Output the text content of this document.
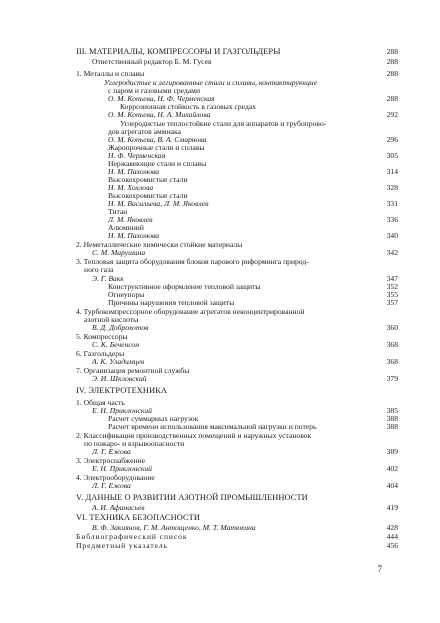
III. МАТЕРИАЛЫ, КОМПРЕССОРЫ И ГАЗГОЛЬДЕРЫ	288
Ответственный редактор Б. М. Гусев	288
1. Металлы и сплавы	288
Углеродистые и легированные стали и сплавы, контактирующие
с паром и газовыми средами
О. М. Копьева, Н. Ф. Черменская	288
Коррозионная стойкость в газовых средах
О. М. Копьева, Н. А. Михайлова	292
Углеродистые теплостойкие стали для аппаратов и трубопрово-
дов агрегатов аммиака
О. М. Копьева, В. А. Смирнова	296
Жаропрочные стали и сплавы
Н. Ф. Черменская	305
Нержавеющие стали и сплавы
Н. М. Пахомова	314
Высокохромистые стали
Н. М. Хохлова	328
Высокохромистые стали
Н. М. Васильева, Л. М. Яковлев	331
Титан
Л. М. Яковлев	336
Алюминий
Н. М. Пахомова	340
2. Неметаллические химически стойкие материалы
С. М. Марушина	342
3. Тепловая защита оборудования блоков парового риформинга природ-
ного газа
Э. Г. Вакк	347
Конструктивное оформление тепловой защиты	352
Огнеупоры	355
Причины нарушения тепловой защиты	357
4. Турбокомпрессорное оборудование агрегатов неконцентрированной
азотной кислоты
В. Д. Доброхотов	360
5. Компрессоры
С. К. Беченсон	368
6. Газгольдеры
А. К. Уладимцев	368
7. Организация ремонтной службы
Э. И. Шкловский	379
IV. ЭЛЕКТРОТЕХНИКА
1. Общая часть
Е. Н. Приклонский	385
Расчет суммарных нагрузок	388
Расчет времени использования максимальной нагрузки и потерь	388
2. Классификация производственных помещений и наружных установок
по пожаро- и взрывоопасности
Л. Г. Ежова	389
3. Электроснабжение
Е. Н. Приклонский	402
4. Электрооборудование
Л. Г. Ежова	404
V. ДАННЫЕ О РАЗВИТИИ АЗОТНОЙ ПРОМЫШЛЕННОСТИ
А. И. Афанасьев	419
VI. ТЕХНИКА БЕЗОПАСНОСТИ
В. Ф. Закиянов, Г. М. Антощенко, М. Т. Матюхина	428
Библиографический список	444
Предметный указатель	456
7
